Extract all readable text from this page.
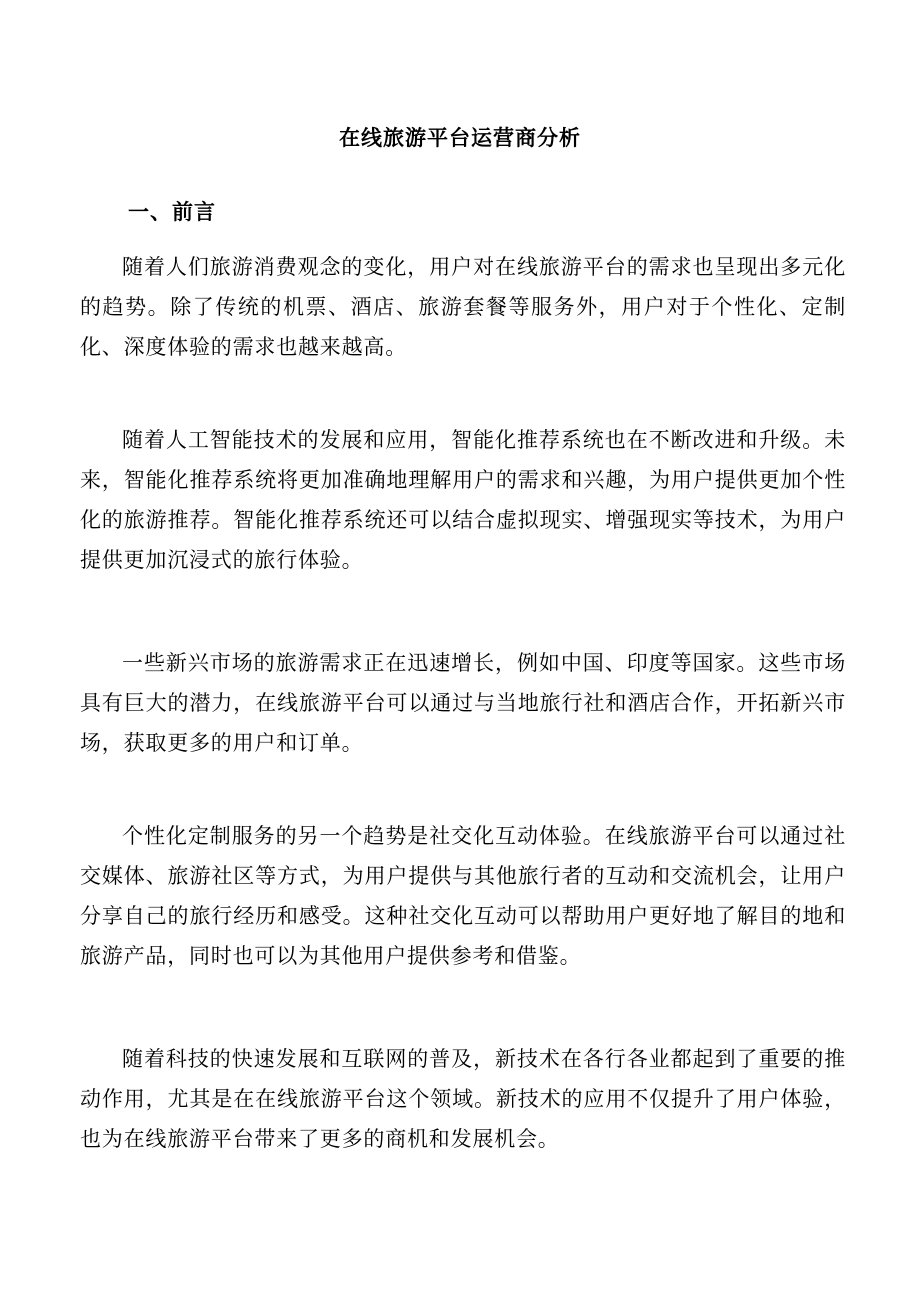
在线旅游平台运营商分析
一、前言

随着人们旅游消费观念的变化，用户对在线旅游平台的需求也呈现出多元化的趋势。除了传统的机票、酒店、旅游套餐等服务外，用户对于个性化、定制化、深度体验的需求也越来越高。

随着人工智能技术的发展和应用，智能化推荐系统也在不断改进和升级。未来，智能化推荐系统将更加准确地理解用户的需求和兴趣，为用户提供更加个性化的旅游推荐。智能化推荐系统还可以结合虚拟现实、增强现实等技术，为用户提供更加沉浸式的旅行体验。

一些新兴市场的旅游需求正在迅速增长，例如中国、印度等国家。这些市场具有巨大的潜力，在线旅游平台可以通过与当地旅行社和酒店合作，开拓新兴市场，获取更多的用户和订单。

个性化定制服务的另一个趋势是社交化互动体验。在线旅游平台可以通过社交媒体、旅游社区等方式，为用户提供与其他旅行者的互动和交流机会，让用户分享自己的旅行经历和感受。这种社交化互动可以帮助用户更好地了解目的地和旅游产品，同时也可以为其他用户提供参考和借鉴。

随着科技的快速发展和互联网的普及，新技术在各行各业都起到了重要的推动作用，尤其是在在线旅游平台这个领域。新技术的应用不仅提升了用户体验，也为在线旅游平台带来了更多的商机和发展机会。
